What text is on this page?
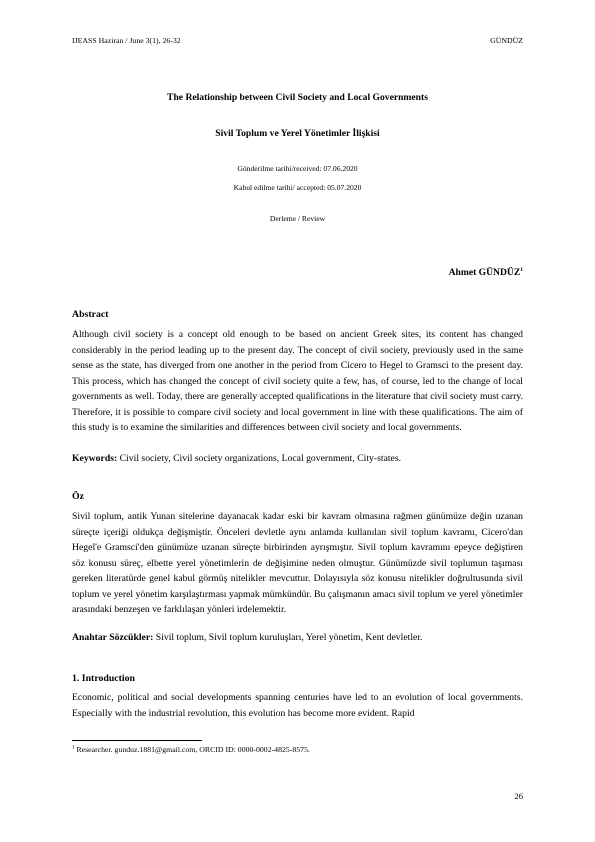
IJEASS Haziran / June 3(1), 26-32	GÜNDÜZ
The Relationship between Civil Society and Local Governments
Sivil Toplum ve Yerel Yönetimler İlişkisi
Gönderilme tarihi/received: 07.06.2020
Kabul edilme tarihi/ accepted: 05.07.2020
Derleme / Review
Ahmet GÜNDÜZ$^1$
Abstract
Although civil society is a concept old enough to be based on ancient Greek sites, its content has changed considerably in the period leading up to the present day. The concept of civil society, previously used in the same sense as the state, has diverged from one another in the period from Cicero to Hegel to Gramsci to the present day. This process, which has changed the concept of civil society quite a few, has, of course, led to the change of local governments as well. Today, there are generally accepted qualifications in the literature that civil society must carry. Therefore, it is possible to compare civil society and local government in line with these qualifications. The aim of this study is to examine the similarities and differences between civil society and local governments.
Keywords: Civil society, Civil society organizations, Local government, City-states.
Öz
Sivil toplum, antik Yunan sitelerine dayanacak kadar eski bir kavram olmasına rağmen günümüze değin uzanan süreçte içeriği oldukça değişmiştir. Önceleri devletle aynı anlamda kullanılan sivil toplum kavramı, Cicero'dan Hegel'e Gramsci'den günümüze uzanan süreçte birbirinden ayrışmıştır. Sivil toplum kavramını epeyce değiştiren söz konusu süreç, elbette yerel yönetimlerin de değişimine neden olmuştur. Günümüzde sivil toplumun taşıması gereken literatürde genel kabul görmüş nitelikler mevcuttur. Dolayısıyla söz konusu nitelikler doğrultusunda sivil toplum ve yerel yönetim karşılaştırması yapmak mümkündür. Bu çalışmanın amacı sivil toplum ve yerel yönetimler arasındaki benzeşen ve farklılaşan yönleri irdelemektir.
Anahtar Sözcükler: Sivil toplum, Sivil toplum kuruluşları, Yerel yönetim, Kent devletler.
1. Introduction
Economic, political and social developments spanning centuries have led to an evolution of local governments. Especially with the industrial revolution, this evolution has become more evident. Rapid
$^1$ Researcher. gunduz.1881@gmail.com, ORCID ID: 0000-0002-4825-8575.
26
